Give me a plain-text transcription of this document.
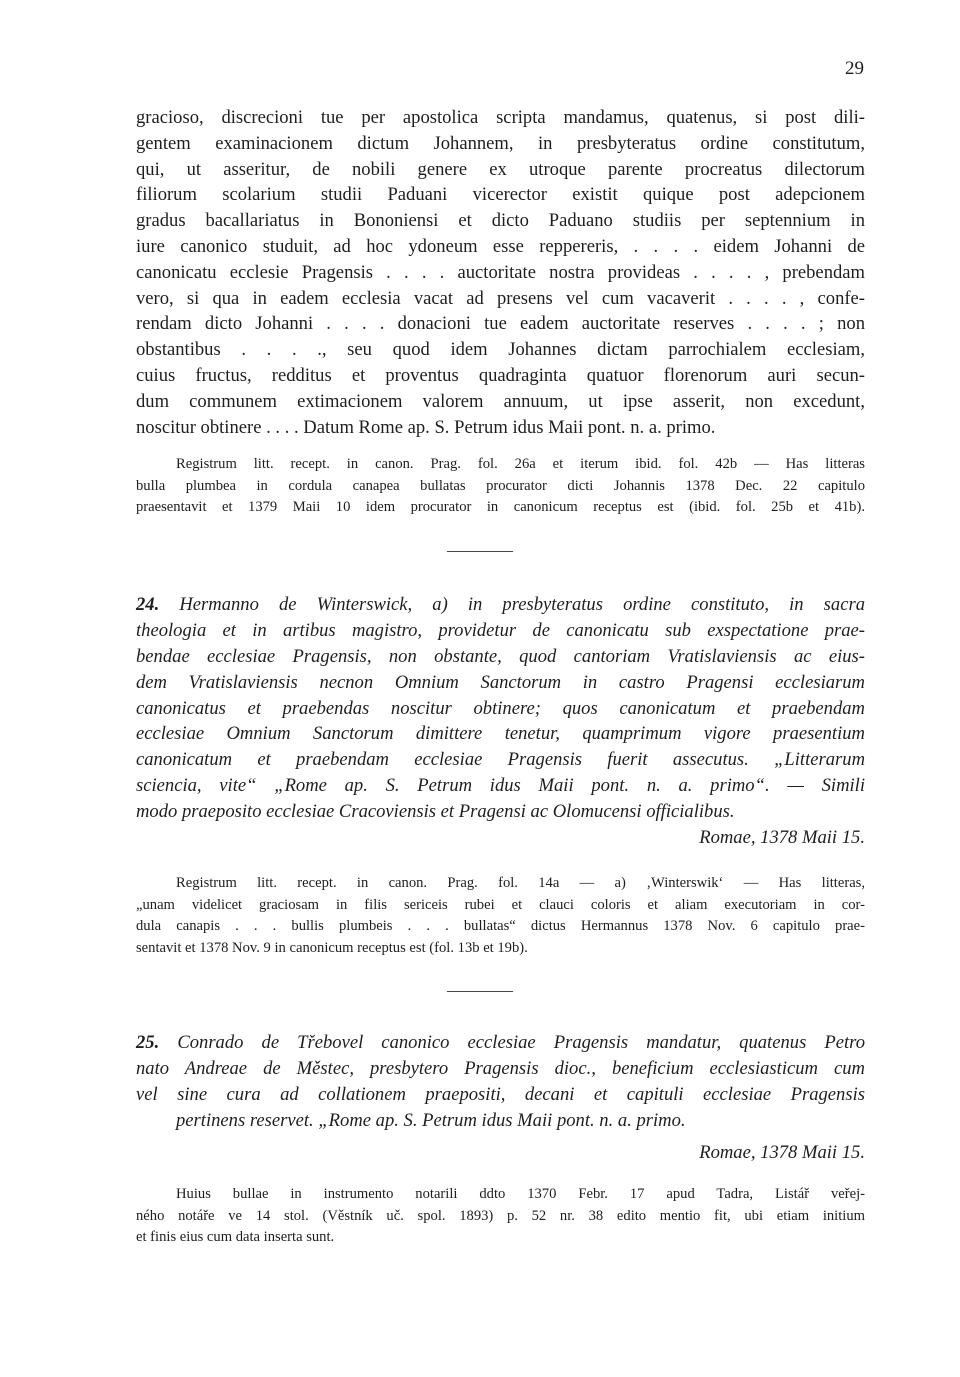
29
gracioso, discrecioni tue per apostolica scripta mandamus, quatenus, si post dili-
gentem examinacionem dictum Johannem, in presbyteratus ordine constitutum,
qui, ut asseritur, de nobili genere ex utroque parente procreatus dilectorum
filiorum scolarium studii Paduani vicerector existit quique post adepcionem
gradus bacallariatus in Bononiensi et dicto Paduano studiis per septennium in
iure canonico studuit, ad hoc ydoneum esse reppereris, . . . . eidem Johanni de
canonicatu ecclesie Pragensis . . . . auctoritate nostra provideas . . . . , prebendam
vero, si qua in eadem ecclesia vacat ad presens vel cum vacaverit . . . . , confe-
rendam dicto Johanni . . . . donacioni tue eadem auctoritate reserves . . . . ; non
obstantibus . . . ., seu quod idem Johannes dictam parrochialem ecclesiam,
cuius fructus, redditus et proventus quadraginta quatuor florenorum auri secun-
dum communem extimacionem valorem annuum, ut ipse asserit, non excedunt,
noscitur obtinere . . . . Datum Rome ap. S. Petrum idus Maii pont. n. a. primo.
Registrum litt. recept. in canon. Prag. fol. 26a et iterum ibid. fol. 42b — Has litteras
bulla plumbea in cordula canapea bullatas procurator dicti Johannis 1378 Dec. 22 capitulo
praesentavit et 1379 Maii 10 idem procurator in canonicum receptus est (ibid. fol. 25b et 41b).
24. Hermanno de Winterswick, a) in presbyteratus ordine constituto, in sacra
theologia et in artibus magistro, providetur de canonicatu sub exspectatione prae-
bendae ecclesiae Pragensis, non obstante, quod cantoriam Vratislaviensis ac eius-
dem Vratislaviensis necnon Omnium Sanctorum in castro Pragensi ecclesiarum
canonicatus et praebendas noscitur obtinere; quos canonicatum et praebendam
ecclesiae Omnium Sanctorum dimittere tenetur, quamprimum vigore praesentium
canonicatum et praebendam ecclesiae Pragensis fuerit assecutus. „Litterarum
sciencia, vite“ „Rome ap. S. Petrum idus Maii pont. n. a. primo“. — Simili
modo praeposito ecclesiae Cracoviensis et Pragensi ac Olomucensi officialibus.
Romae, 1378 Maii 15.
Registrum litt. recept. in canon. Prag. fol. 14a — a) ‚Winterswik‘ — Has litteras,
„unam videlicet graciosam in filis sericeis rubei et clauci coloris et aliam executoriam in cor-
dula canapis . . . bullis plumbeis . . . bullatas“ dictus Hermannus 1378 Nov. 6 capitulo prae-
sentavit et 1378 Nov. 9 in canonicum receptus est (fol. 13b et 19b).
25. Conrado de Třebovel canonico ecclesiae Pragensis mandatur, quatenus Petro
nato Andreae de Městec, presbytero Pragensis dioc., beneficium ecclesiasticum cum
vel sine cura ad collationem praepositi, decani et capituli ecclesiae Pragensis
pertinens reservet. „Rome ap. S. Petrum idus Maii pont. n. a. primo.
Romae, 1378 Maii 15.
Huius bullae in instrumento notarili ddto 1370 Febr. 17 apud Tadra, Listář veřej-
ného notáře ve 14 stol. (Věstník uč. spol. 1893) p. 52 nr. 38 edito mentio fit, ubi etiam initium
et finis eius cum data inserta sunt.
